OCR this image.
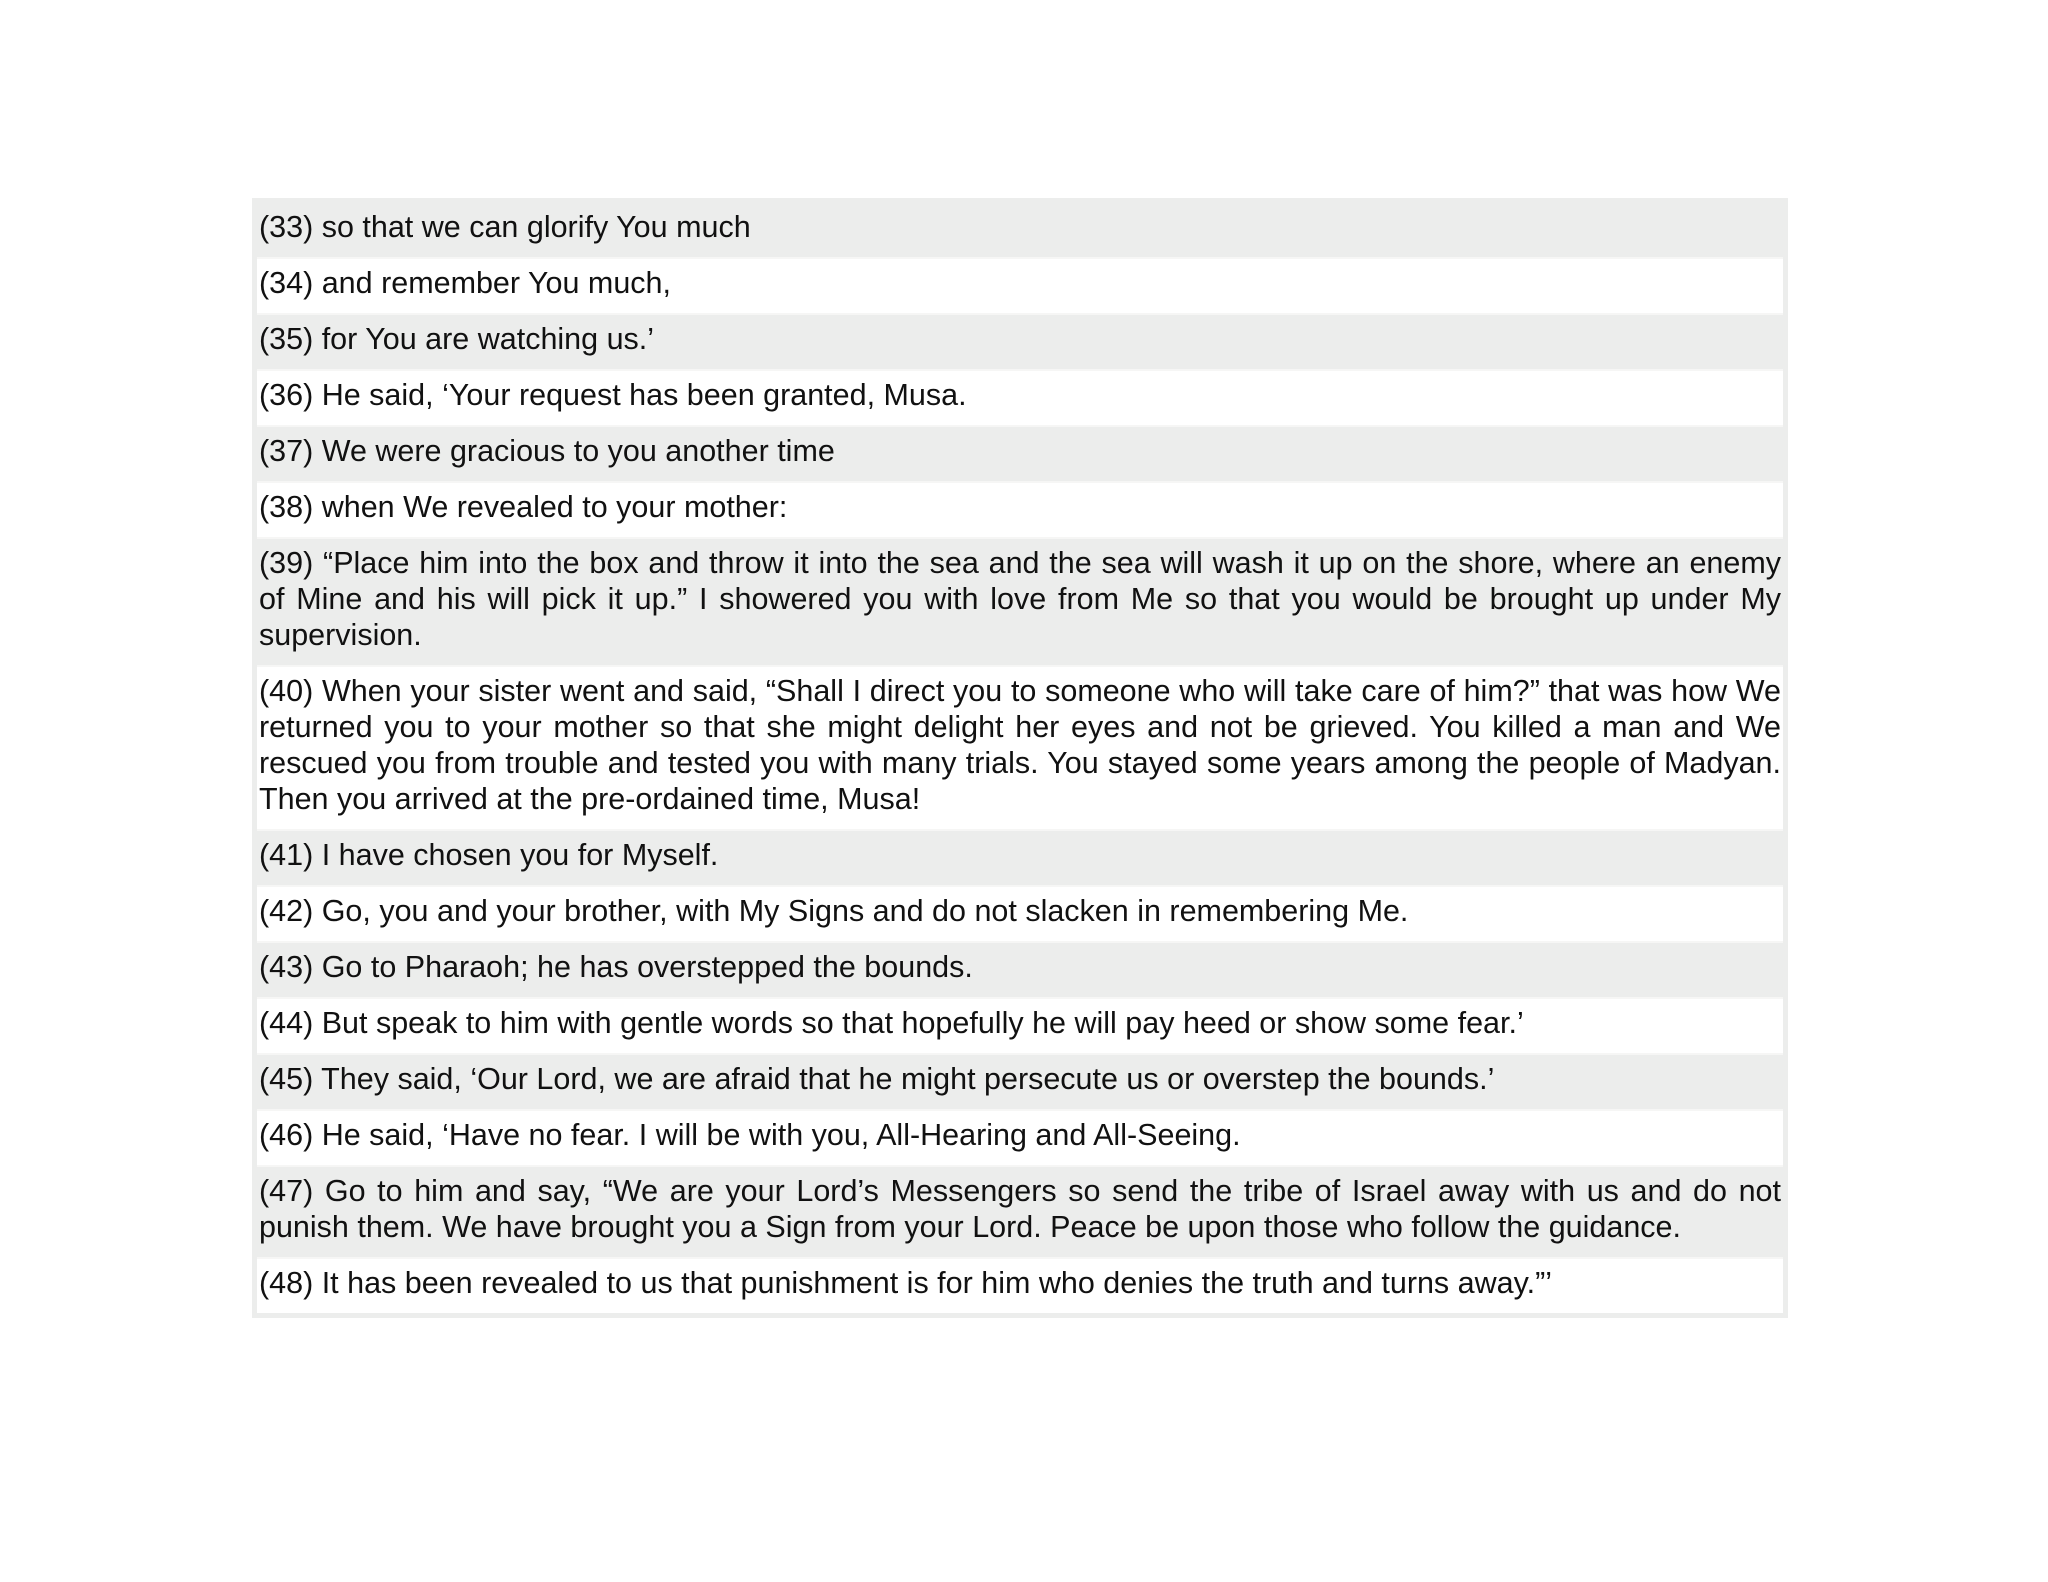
(33) so that we can glorify You much
(34) and remember You much,
(35) for You are watching us.’
(36) He said, ‘Your request has been granted, Musa.
(37) We were gracious to you another time
(38) when We revealed to your mother:
(39) “Place him into the box and throw it into the sea and the sea will wash it up on the shore, where an enemy of Mine and his will pick it up.” I showered you with love from Me so that you would be brought up under My supervision.
(40) When your sister went and said, “Shall I direct you to someone who will take care of him?” that was how We returned you to your mother so that she might delight her eyes and not be grieved. You killed a man and We rescued you from trouble and tested you with many trials. You stayed some years among the people of Madyan. Then you arrived at the pre-ordained time, Musa!
(41) I have chosen you for Myself.
(42) Go, you and your brother, with My Signs and do not slacken in remembering Me.
(43) Go to Pharaoh; he has overstepped the bounds.
(44) But speak to him with gentle words so that hopefully he will pay heed or show some fear.’
(45) They said, ‘Our Lord, we are afraid that he might persecute us or overstep the bounds.’
(46) He said, ‘Have no fear. I will be with you, All-Hearing and All-Seeing.
(47) Go to him and say, “We are your Lord’s Messengers so send the tribe of Israel away with us and do not punish them. We have brought you a Sign from your Lord. Peace be upon those who follow the guidance.
(48) It has been revealed to us that punishment is for him who denies the truth and turns away.”’
